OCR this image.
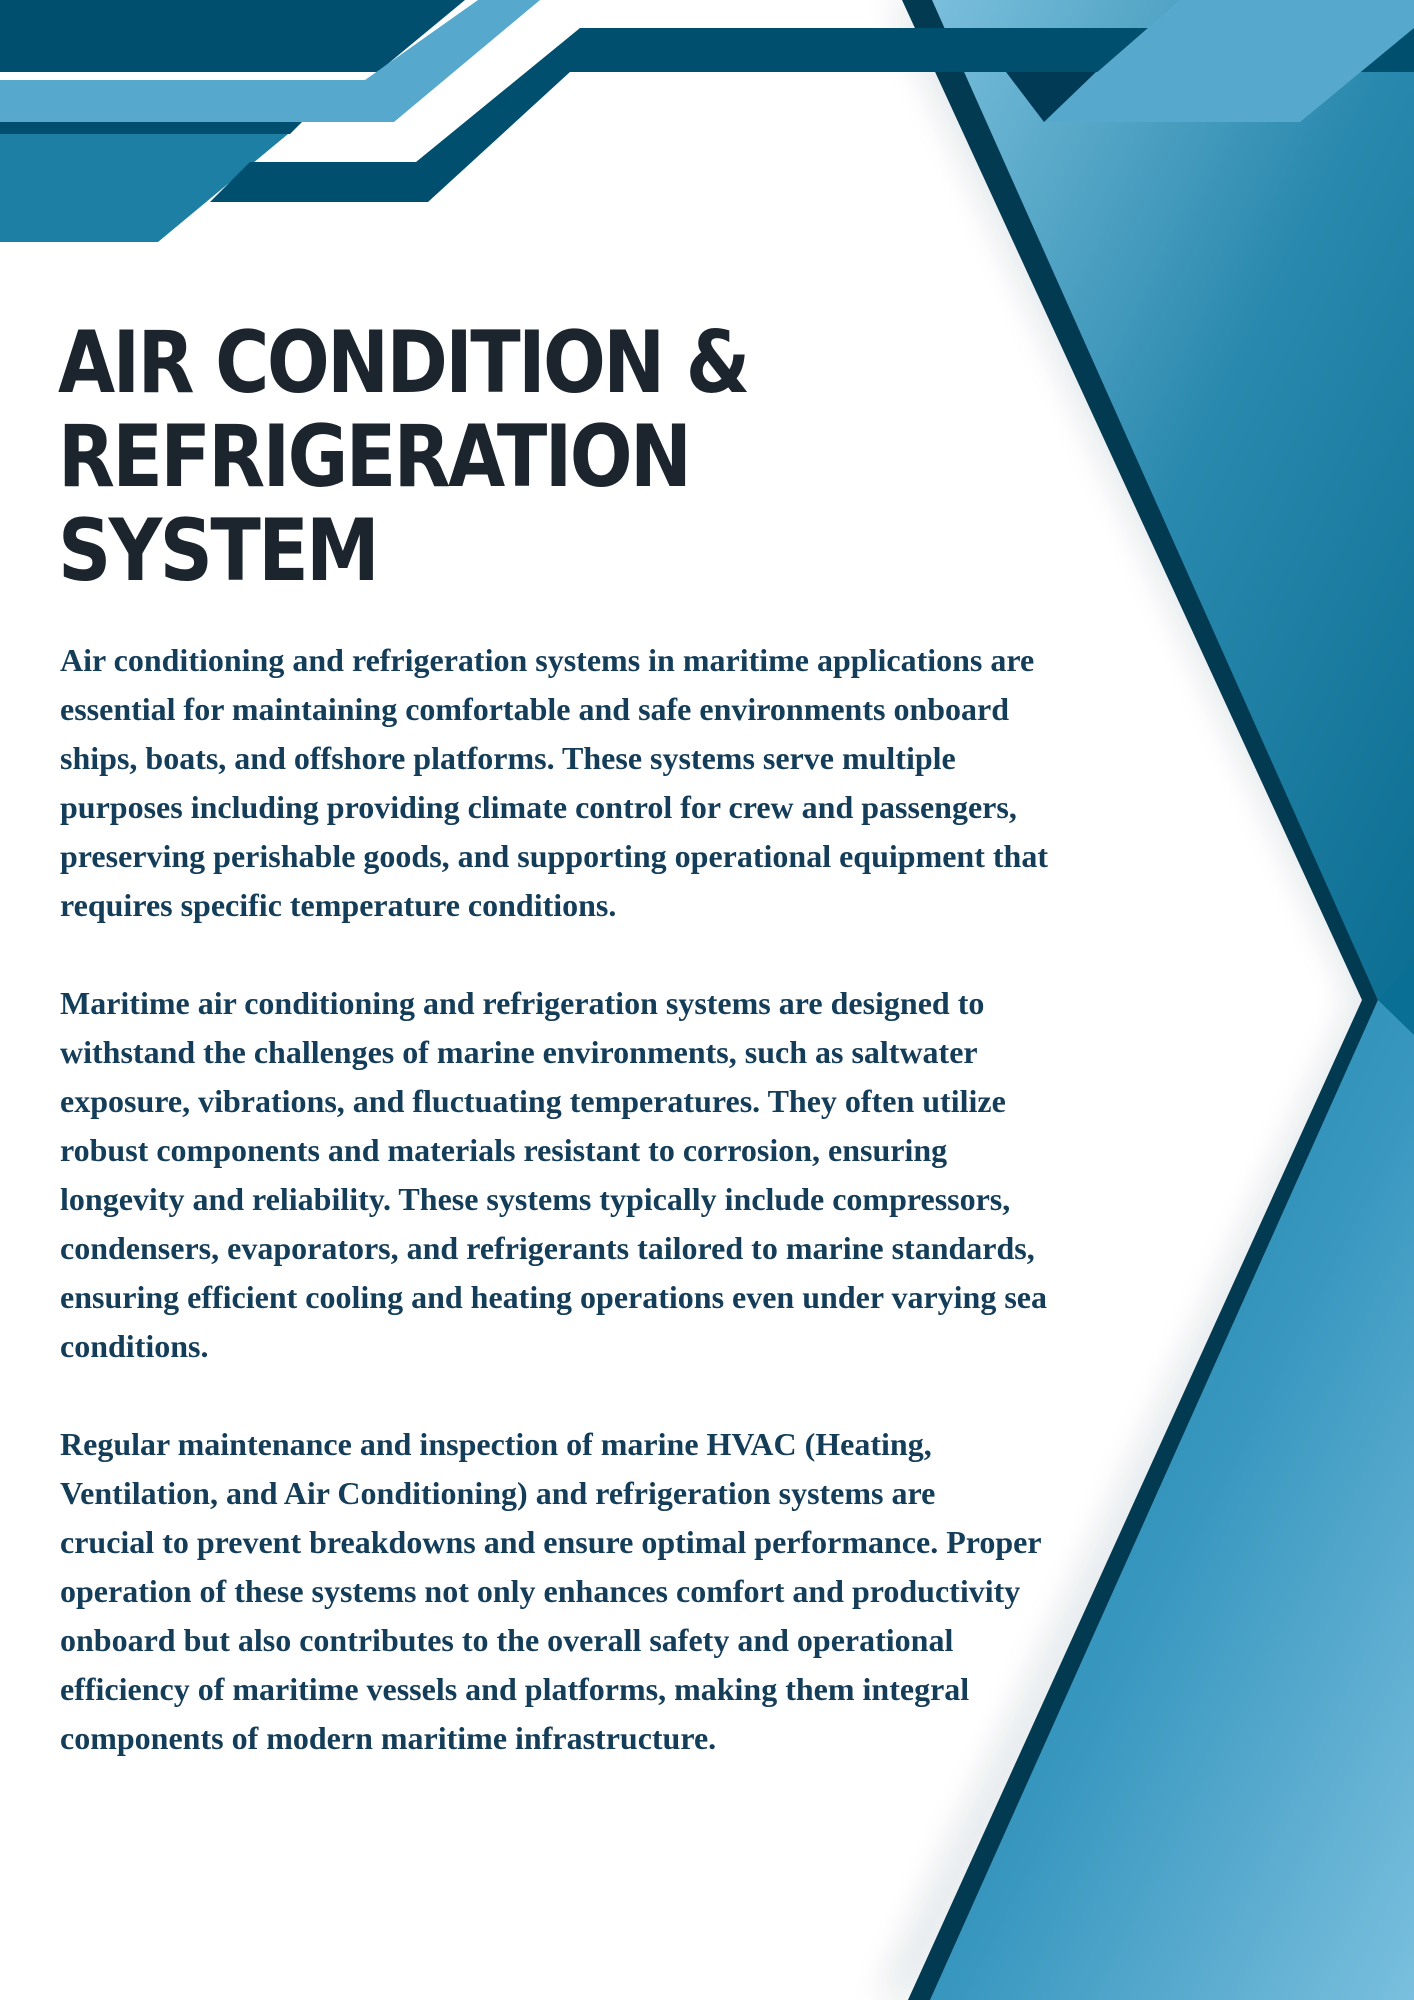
AIR CONDITION &
REFRIGERATION
SYSTEM

Air conditioning and refrigeration systems in maritime applications are
essential for maintaining comfortable and safe environments onboard
ships, boats, and offshore platforms. These systems serve multiple
purposes including providing climate control for crew and passengers,
preserving perishable goods, and supporting operational equipment that
requires specific temperature conditions.

Maritime air conditioning and refrigeration systems are designed to
withstand the challenges of marine environments, such as saltwater
exposure, vibrations, and fluctuating temperatures. They often utilize
robust components and materials resistant to corrosion, ensuring
longevity and reliability. These systems typically include compressors,
condensers, evaporators, and refrigerants tailored to marine standards,
ensuring efficient cooling and heating operations even under varying sea
conditions.

Regular maintenance and inspection of marine HVAC (Heating,
Ventilation, and Air Conditioning) and refrigeration systems are
crucial to prevent breakdowns and ensure optimal performance. Proper
operation of these systems not only enhances comfort and productivity
onboard but also contributes to the overall safety and operational
efficiency of maritime vessels and platforms, making them integral
components of modern maritime infrastructure.
